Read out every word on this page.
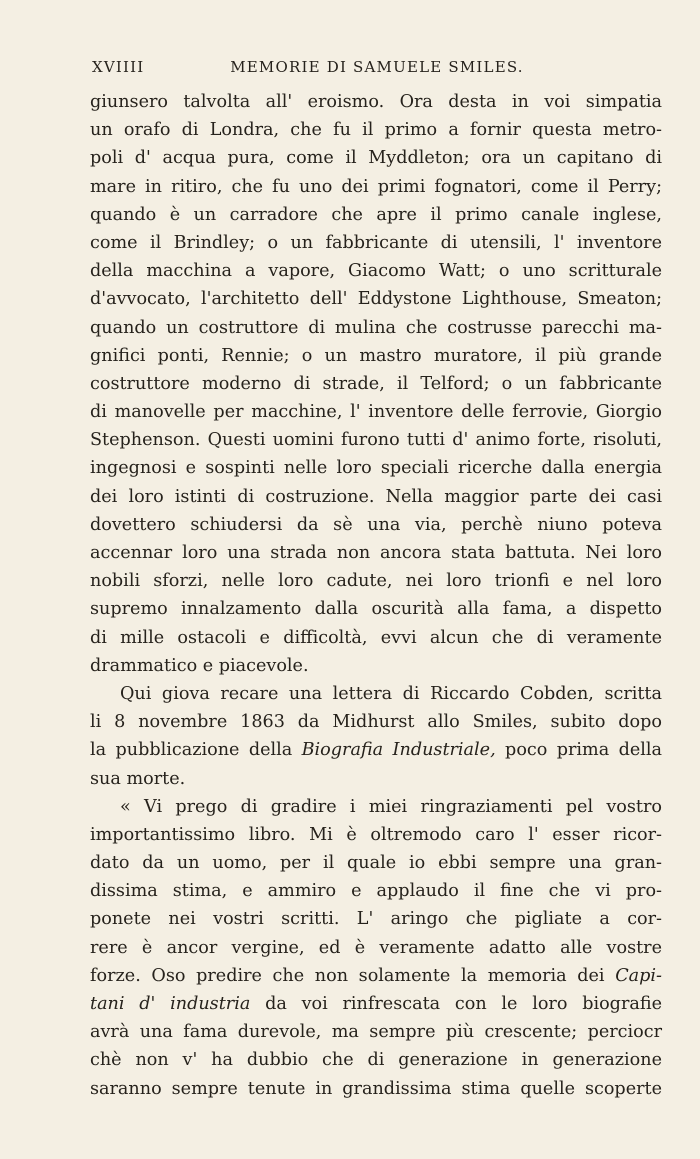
XVIIII	MEMORIE DI SAMUELE SMILES.
giunsero talvolta all' eroismo. Ora desta in voi simpatia
un orafo di Londra, che fu il primo a fornir questa metro-
poli d' acqua pura, come il Myddleton; ora un capitano di
mare in ritiro, che fu uno dei primi fognatori, come il Perry;
quando è un carradore che apre il primo canale inglese,
come il Brindley; o un fabbricante di utensili, l' inventore
della macchina a vapore, Giacomo Watt; o uno scritturale
d'avvocato, l'architetto dell' Eddystone Lighthouse, Smeaton;
quando un costruttore di mulina che costrusse parecchi ma-
gnifici ponti, Rennie; o un mastro muratore, il più grande
costruttore moderno di strade, il Telford; o un fabbricante
di manovelle per macchine, l' inventore delle ferrovie, Giorgio
Stephenson. Questi uomini furono tutti d' animo forte, risoluti,
ingegnosi e sospinti nelle loro speciali ricerche dalla energia
dei loro istinti di costruzione. Nella maggior parte dei casi
dovettero schiudersi da sè una via, perchè niuno poteva
accennar loro una strada non ancora stata battuta. Nei loro
nobili sforzi, nelle loro cadute, nei loro trionfi e nel loro
supremo innalzamento dalla oscurità alla fama, a dispetto
di mille ostacoli e difficoltà, evvi alcun che di veramente
drammatico e piacevole.
Qui giova recare una lettera di Riccardo Cobden, scritta
li 8 novembre 1863 da Midhurst allo Smiles, subito dopo
la pubblicazione della Biografia Industriale, poco prima della
sua morte.
« Vi prego di gradire i miei ringraziamenti pel vostro
importantissimo libro. Mi è oltremodo caro l' esser ricor-
dato da un uomo, per il quale io ebbi sempre una gran-
dissima stima, e ammiro e applaudo il fine che vi pro-
ponete nei vostri scritti. L' aringo che pigliate a cor-
rere è ancor vergine, ed è veramente adatto alle vostre
forze. Oso predire che non solamente la memoria dei Capi-
tani d' industria da voi rinfrescata con le loro biografie
avrà una fama durevole, ma sempre più crescente; perciocr
chè non v' ha dubbio che di generazione in generazione
saranno sempre tenute in grandissima stima quelle scoperte
